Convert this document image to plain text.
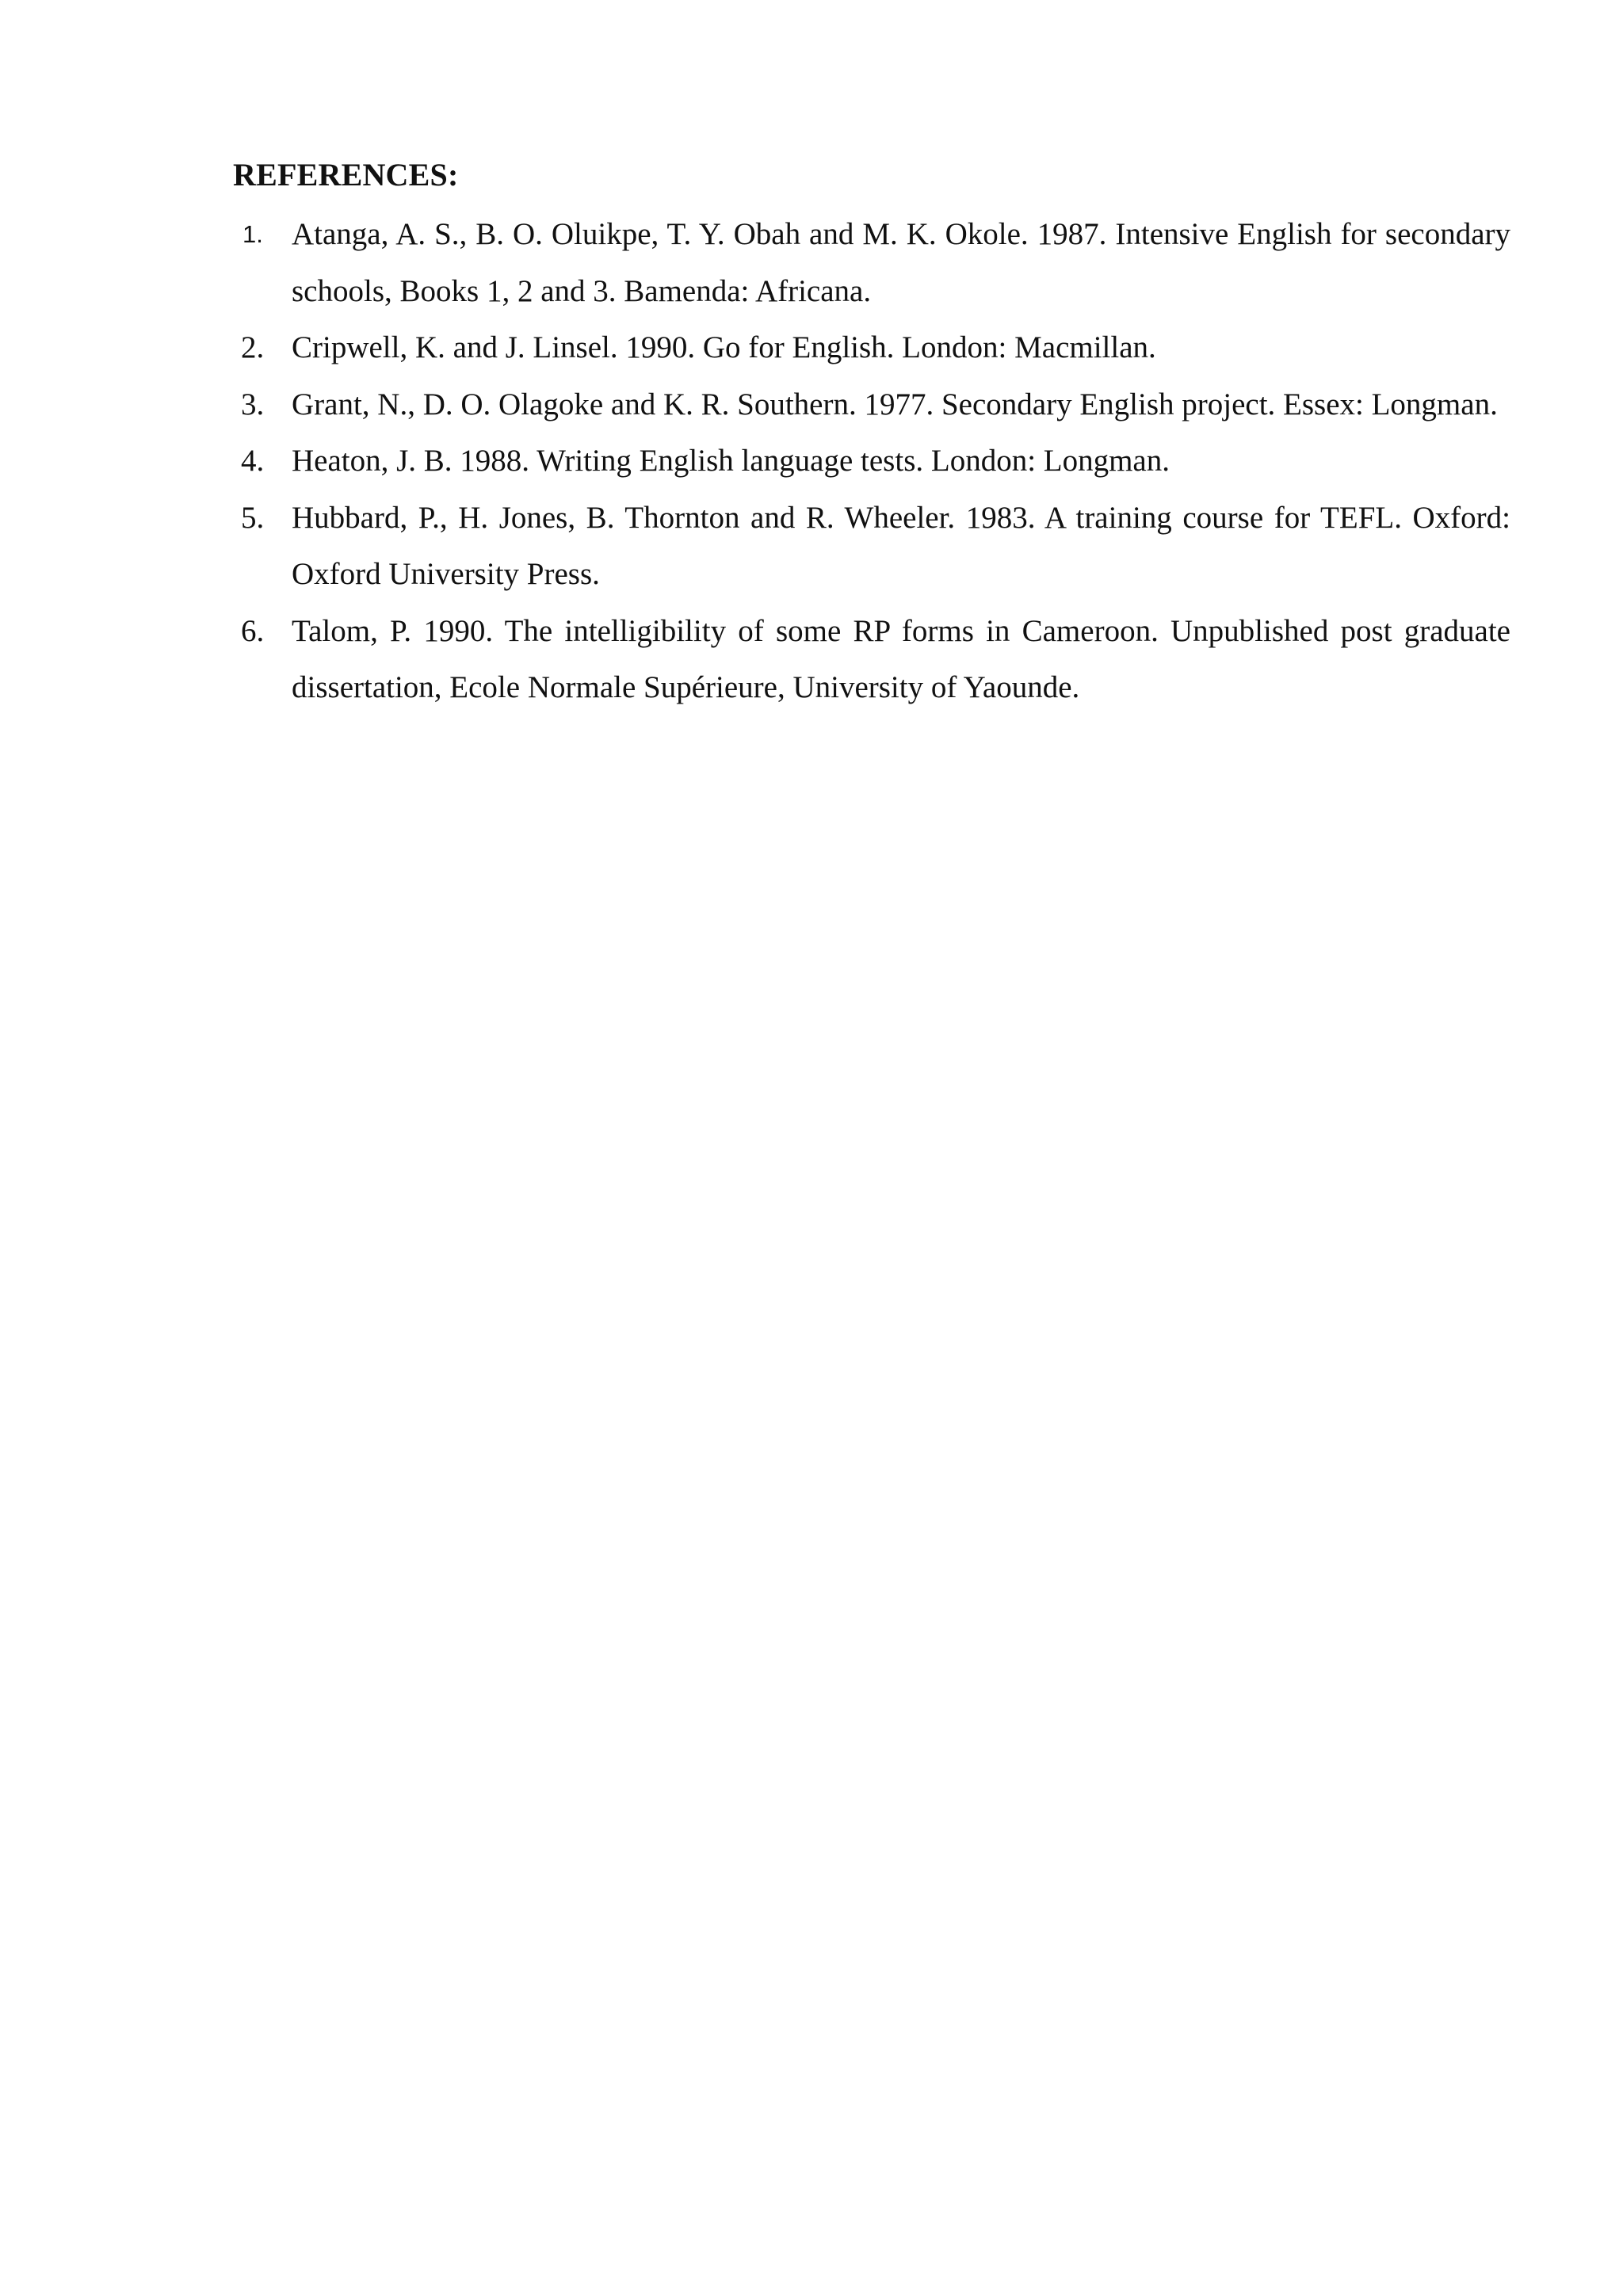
REFERENCES:
1. Atanga, A. S., B. O. Oluikpe, T. Y. Obah and M. K. Okole. 1987. Intensive English for secondary schools, Books 1, 2 and 3. Bamenda: Africana.
2. Cripwell, K. and J. Linsel. 1990. Go for English. London: Macmillan.
3. Grant, N., D. O. Olagoke and K. R. Southern. 1977. Secondary English project. Essex: Longman.
4. Heaton, J. B. 1988. Writing English language tests. London: Longman.
5. Hubbard, P., H. Jones, B. Thornton and R. Wheeler. 1983. A training course for TEFL. Oxford: Oxford University Press.
6. Talom, P. 1990. The intelligibility of some RP forms in Cameroon. Unpublished post graduate dissertation, Ecole Normale Supérieure, University of Yaounde.
